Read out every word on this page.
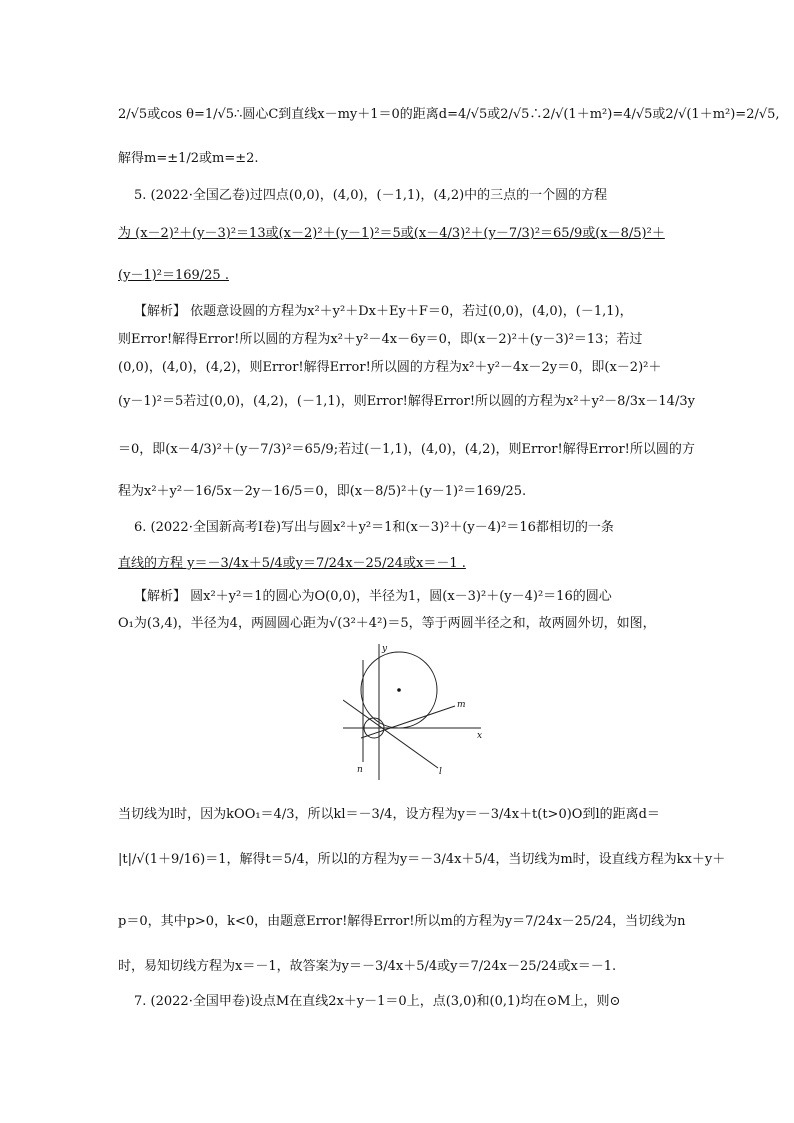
2/√5或cos θ=1/√5∴圆心C到直线x－my＋1＝0的距离d=4/√5或2/√5∴2/√(1＋m²)=4/√5或2/√(1＋m²)=2/√5,
解得m=±1/2或m=±2.
5. (2022·全国乙卷)过四点(0,0)，(4,0)，(－1,1)，(4,2)中的三点的一个圆的方程
为 (x－2)²＋(y－3)²＝13或(x－2)²＋(y－1)²＝5或(x－4/3)²＋(y－7/3)²＝65/9或(x－8/5)²＋
(y－1)²＝169/25 .
【解析】 依题意设圆的方程为x²＋y²＋Dx＋Ey＋F＝0，若过(0,0)，(4,0)，(－1,1)，
则Error!解得Error!所以圆的方程为x²＋y²－4x－6y＝0，即(x－2)²＋(y－3)²＝13；若过
(0,0)，(4,0)，(4,2)，则Error!解得Error!所以圆的方程为x²＋y²－4x－2y＝0，即(x－2)²＋
(y－1)²＝5若过(0,0)，(4,2)，(－1,1)，则Error!解得Error!所以圆的方程为x²＋y²－8/3x－14/3y
＝0，即(x－4/3)²＋(y－7/3)²＝65/9;若过(－1,1)，(4,0)，(4,2)，则Error!解得Error!所以圆的方
程为x²＋y²－16/5x－2y－16/5＝0，即(x－8/5)²＋(y－1)²＝169/25.
6. (2022·全国新高考Ⅰ卷)写出与圆x²＋y²＝1和(x－3)²＋(y－4)²＝16都相切的一条
直线的方程 y＝－3/4x＋5/4或y＝7/24x－25/24或x＝－1 .
【解析】 圆x²＋y²＝1的圆心为O(0,0)，半径为1，圆(x－3)²＋(y－4)²＝16的圆心
O₁为(3,4)，半径为4，两圆圆心距为√(3²＋4²)＝5，等于两圆半径之和，故两圆外切，如图，
x
y
m
l
n
当切线为l时，因为kOO₁＝4/3，所以kl＝－3/4，设方程为y＝－3/4x＋t(t>0)O到l的距离d＝
|t|/√(1＋9/16)＝1，解得t＝5/4，所以l的方程为y＝－3/4x＋5/4，当切线为m时，设直线方程为kx＋y＋
p＝0，其中p>0，k<0，由题意Error!解得Error!所以m的方程为y＝7/24x－25/24，当切线为n
时，易知切线方程为x＝－1，故答案为y＝－3/4x＋5/4或y＝7/24x－25/24或x＝－1.
7. (2022·全国甲卷)设点M在直线2x＋y－1＝0上，点(3,0)和(0,1)均在⊙M上，则⊙
